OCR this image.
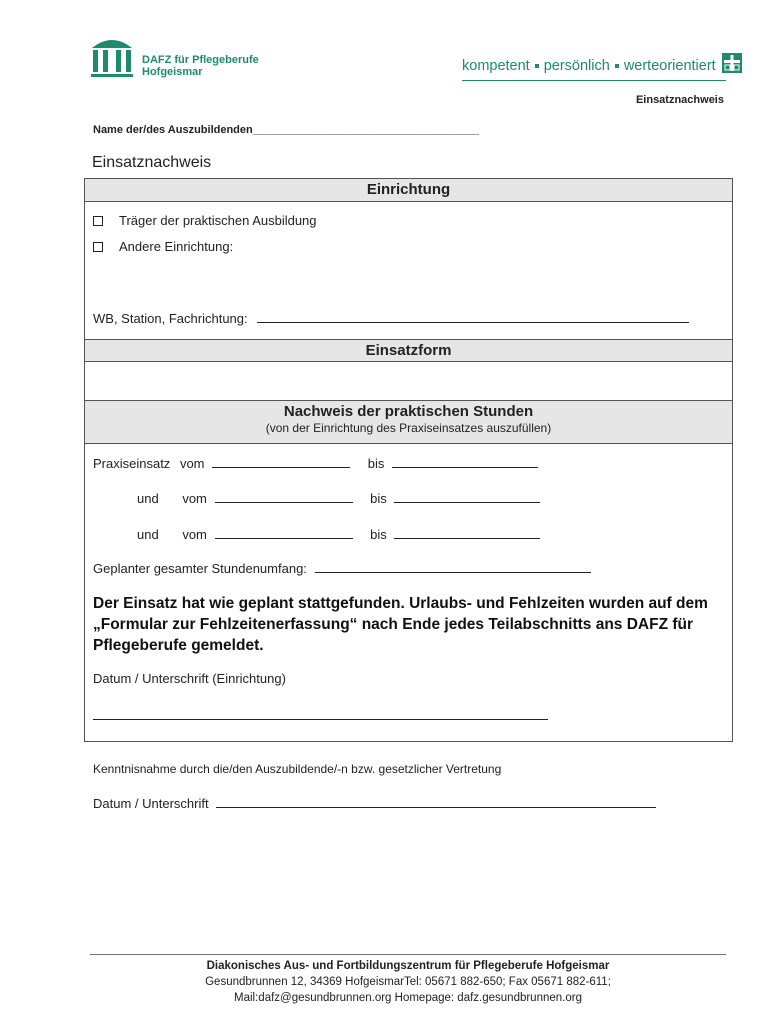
DAFZ für Pflegeberufe
Hofgeismar	kompetent persönlich werteorientiert
Einsatznachweis
Name der/des Auszubildenden_____________________________________
Einsatznachweis
Einrichtung
Träger der praktischen Ausbildung
Andere Einrichtung:
WB, Station, Fachrichtung:
Einsatzform
Nachweis der praktischen Stunden
(von der Einrichtung des Praxiseinsatzes auszufüllen)
Praxiseinsatz vom	bis
und vom	bis
und vom	bis
Geplanter gesamter Stundenumfang:
Der Einsatz hat wie geplant stattgefunden. Urlaubs- und Fehlzeiten wurden auf dem „Formular zur Fehlzeitenerfassung“ nach Ende jedes Teilabschnitts ans DAFZ für Pflegeberufe gemeldet.
Datum / Unterschrift (Einrichtung)
Kenntnisnahme durch die/den Auszubildende/-n bzw. gesetzlicher Vertretung
Datum / Unterschrift
Diakonisches Aus- und Fortbildungszentrum für Pflegeberufe Hofgeismar
Gesundbrunnen 12, 34369 HofgeismarTel: 05671 882-650; Fax 05671 882-611;
Mail:dafz@gesundbrunnen.org Homepage: dafz.gesundbrunnen.org
